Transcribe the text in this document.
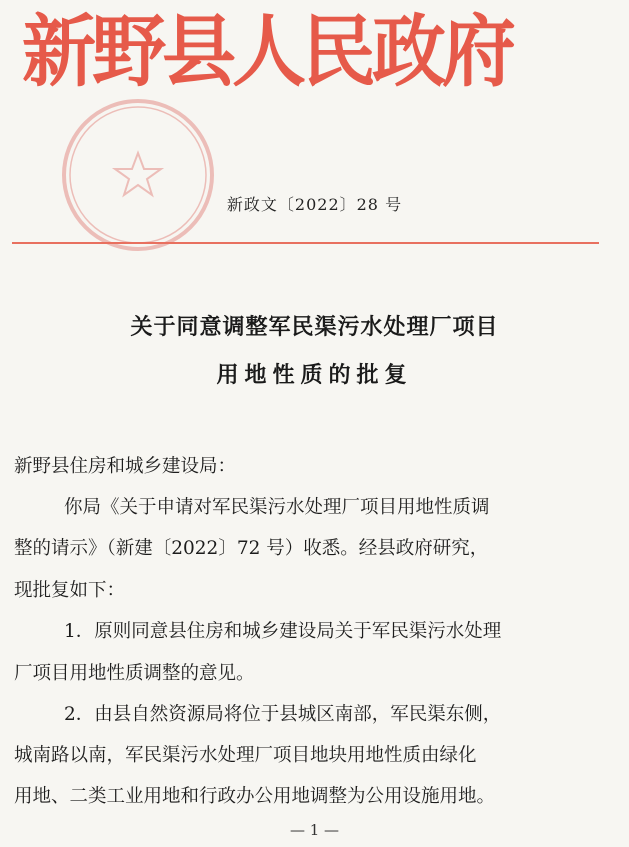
新野县人民政府
新政文〔2022〕28 号
关于同意调整军民渠污水处理厂项目
用地性质的批复
新野县住房和城乡建设局：
你局《关于申请对军民渠污水处理厂项目用地性质调
整的请示》（新建〔2022〕72 号）收悉。经县政府研究，
现批复如下：
1．原则同意县住房和城乡建设局关于军民渠污水处理
厂项目用地性质调整的意见。
2．由县自然资源局将位于县城区南部，军民渠东侧，
城南路以南，军民渠污水处理厂项目地块用地性质由绿化
用地、二类工业用地和行政办公用地调整为公用设施用地。
— 1 —
